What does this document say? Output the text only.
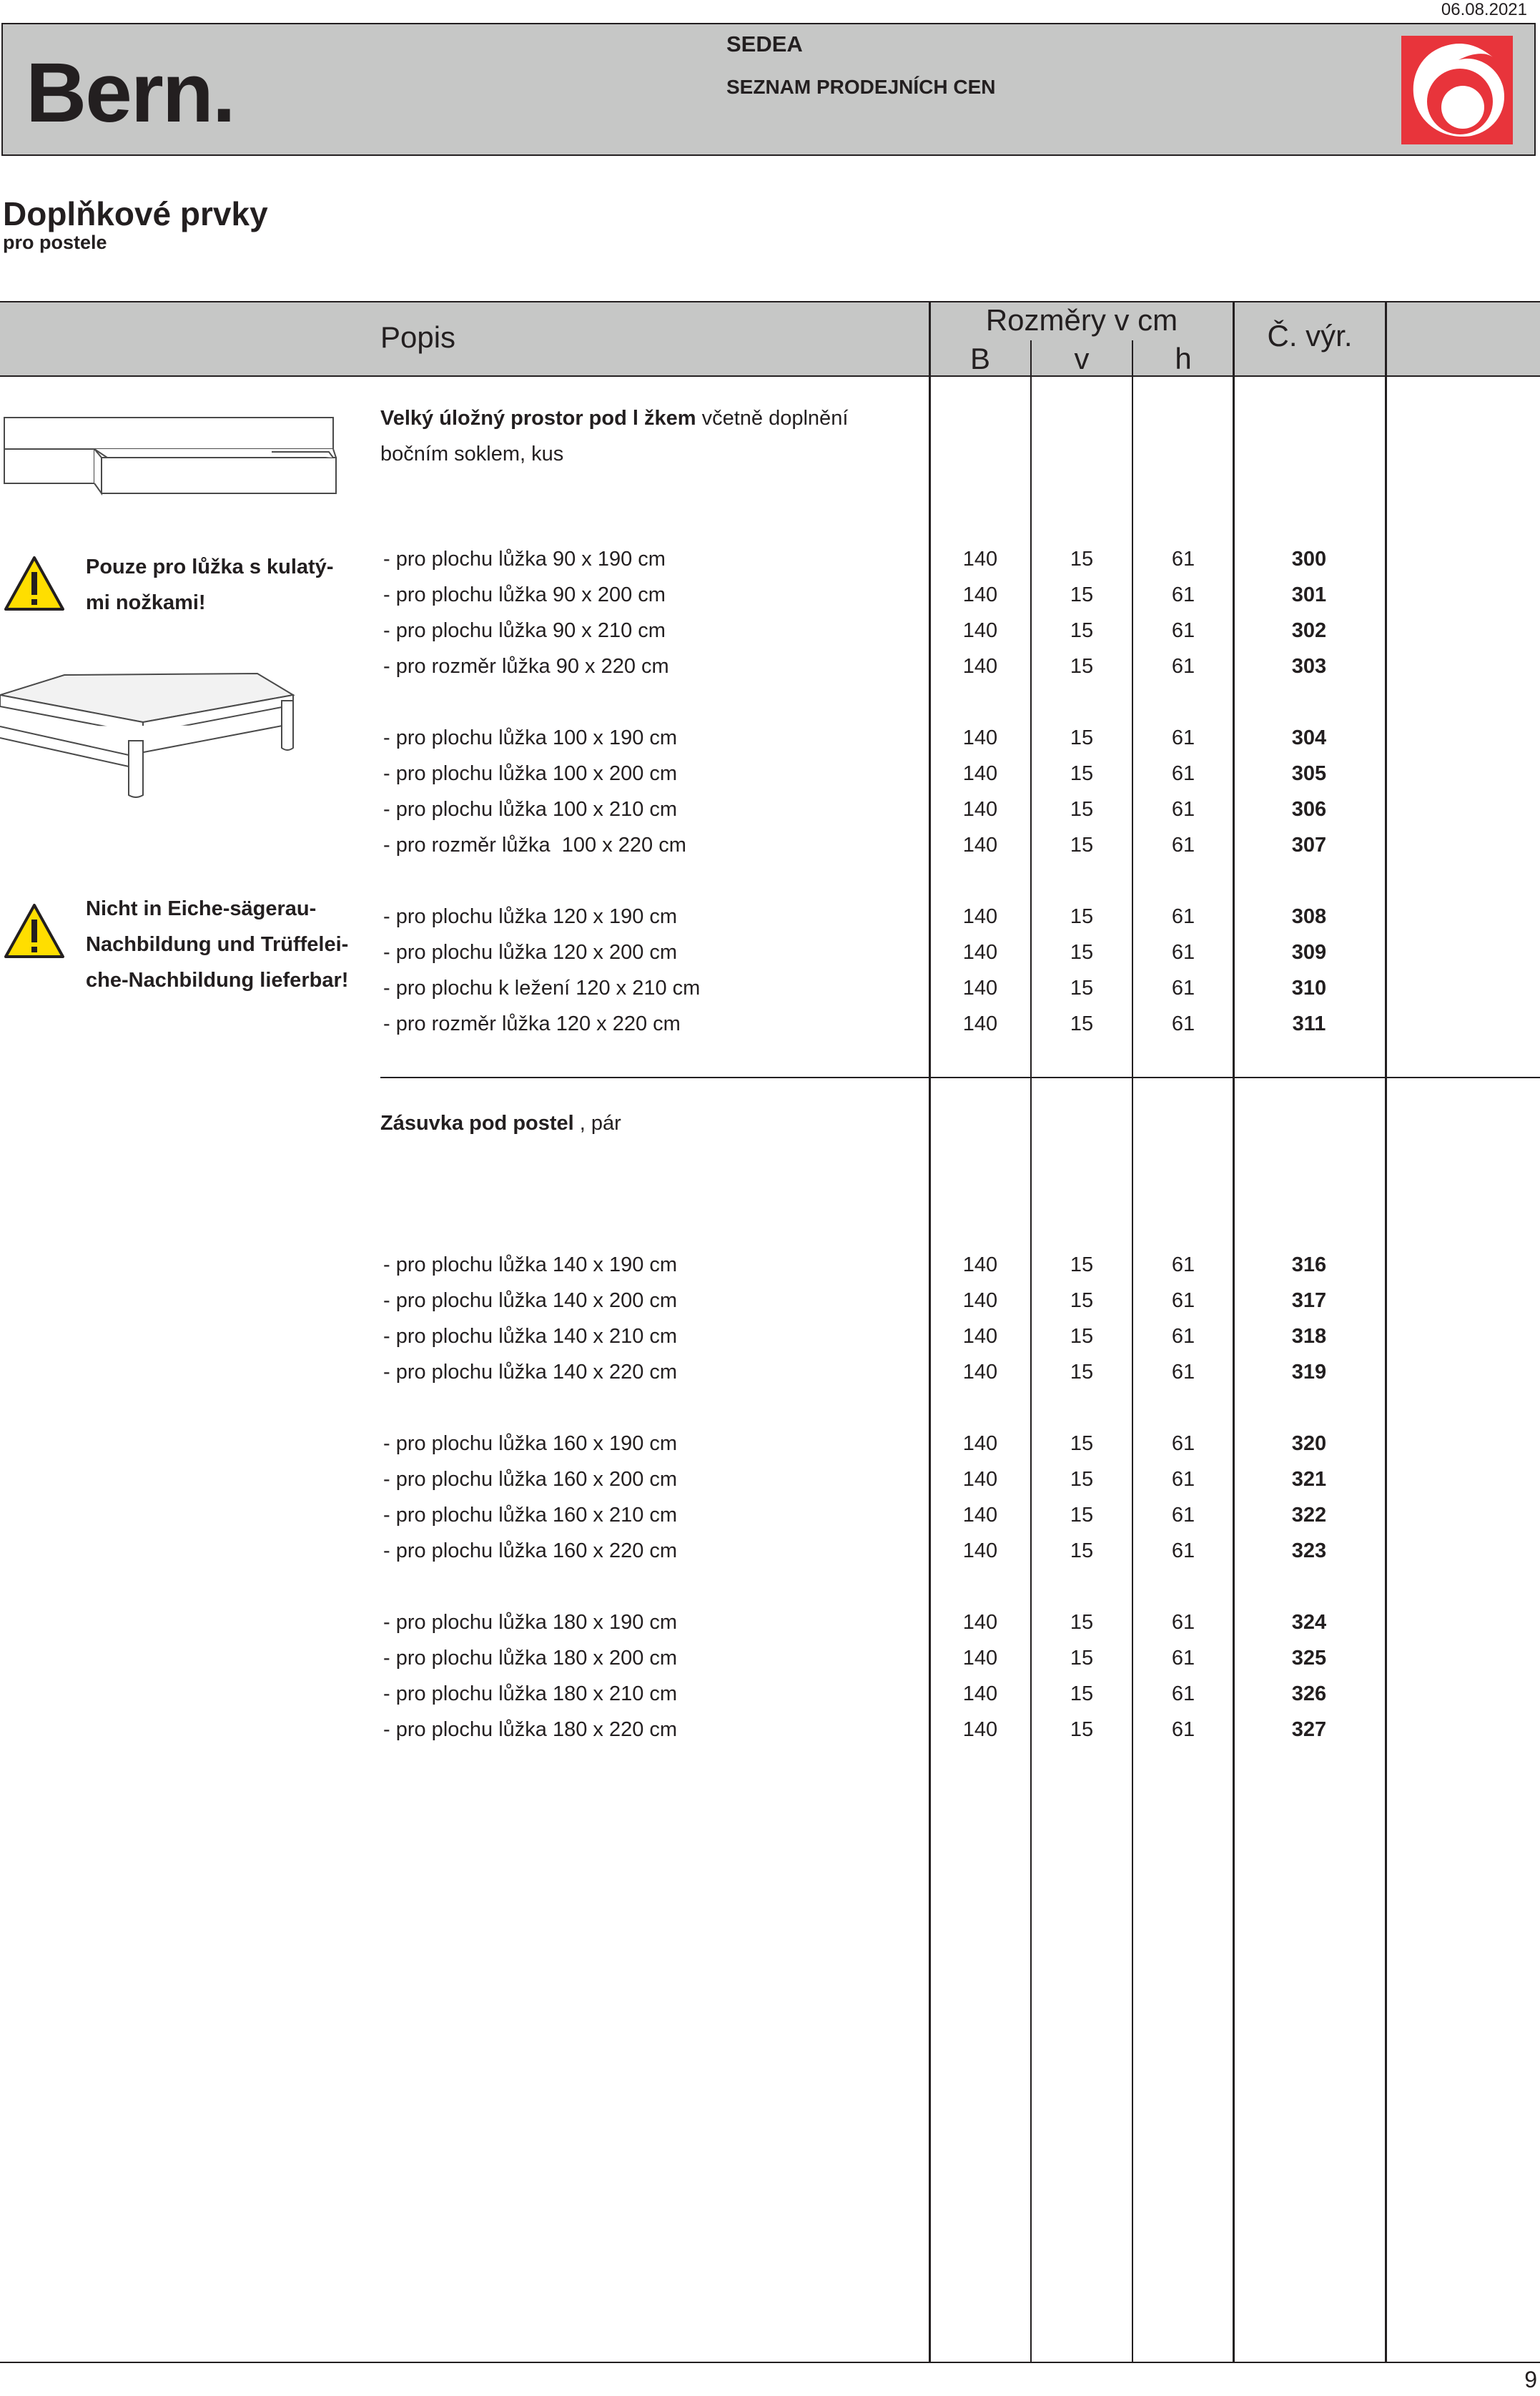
06.08.2021
Bern.
SEDEA
SEZNAM PRODEJNÍCH CEN
Doplňkové prvky
pro postele
Popis
Rozměry v cm
B	v	h
Č. výr.
Pouze pro lůžka s kulatý-
mi nožkami!
Nicht in Eiche-sägerau-
Nachbildung und Trüffelei-
che-Nachbildung lieferbar!
Velký úložný prostor pod l žkem včetně doplnění
bočním soklem, kus
Zásuvka pod postel , pár
- pro plochu lůžka 90 x 190 cm	140	15	61	300
- pro plochu lůžka 90 x 200 cm	140	15	61	301
- pro plochu lůžka 90 x 210 cm	140	15	61	302
- pro rozměr lůžka 90 x 220 cm	140	15	61	303
- pro plochu lůžka 100 x 190 cm	140	15	61	304
- pro plochu lůžka 100 x 200 cm	140	15	61	305
- pro plochu lůžka 100 x 210 cm	140	15	61	306
- pro rozměr lůžka  100 x 220 cm	140	15	61	307
- pro plochu lůžka 120 x 190 cm	140	15	61	308
- pro plochu lůžka 120 x 200 cm	140	15	61	309
- pro plochu k ležení 120 x 210 cm	140	15	61	310
- pro rozměr lůžka 120 x 220 cm	140	15	61	311
- pro plochu lůžka 140 x 190 cm	140	15	61	316
- pro plochu lůžka 140 x 200 cm	140	15	61	317
- pro plochu lůžka 140 x 210 cm	140	15	61	318
- pro plochu lůžka 140 x 220 cm	140	15	61	319
- pro plochu lůžka 160 x 190 cm	140	15	61	320
- pro plochu lůžka 160 x 200 cm	140	15	61	321
- pro plochu lůžka 160 x 210 cm	140	15	61	322
- pro plochu lůžka 160 x 220 cm	140	15	61	323
- pro plochu lůžka 180 x 190 cm	140	15	61	324
- pro plochu lůžka 180 x 200 cm	140	15	61	325
- pro plochu lůžka 180 x 210 cm	140	15	61	326
- pro plochu lůžka 180 x 220 cm	140	15	61	327
9
